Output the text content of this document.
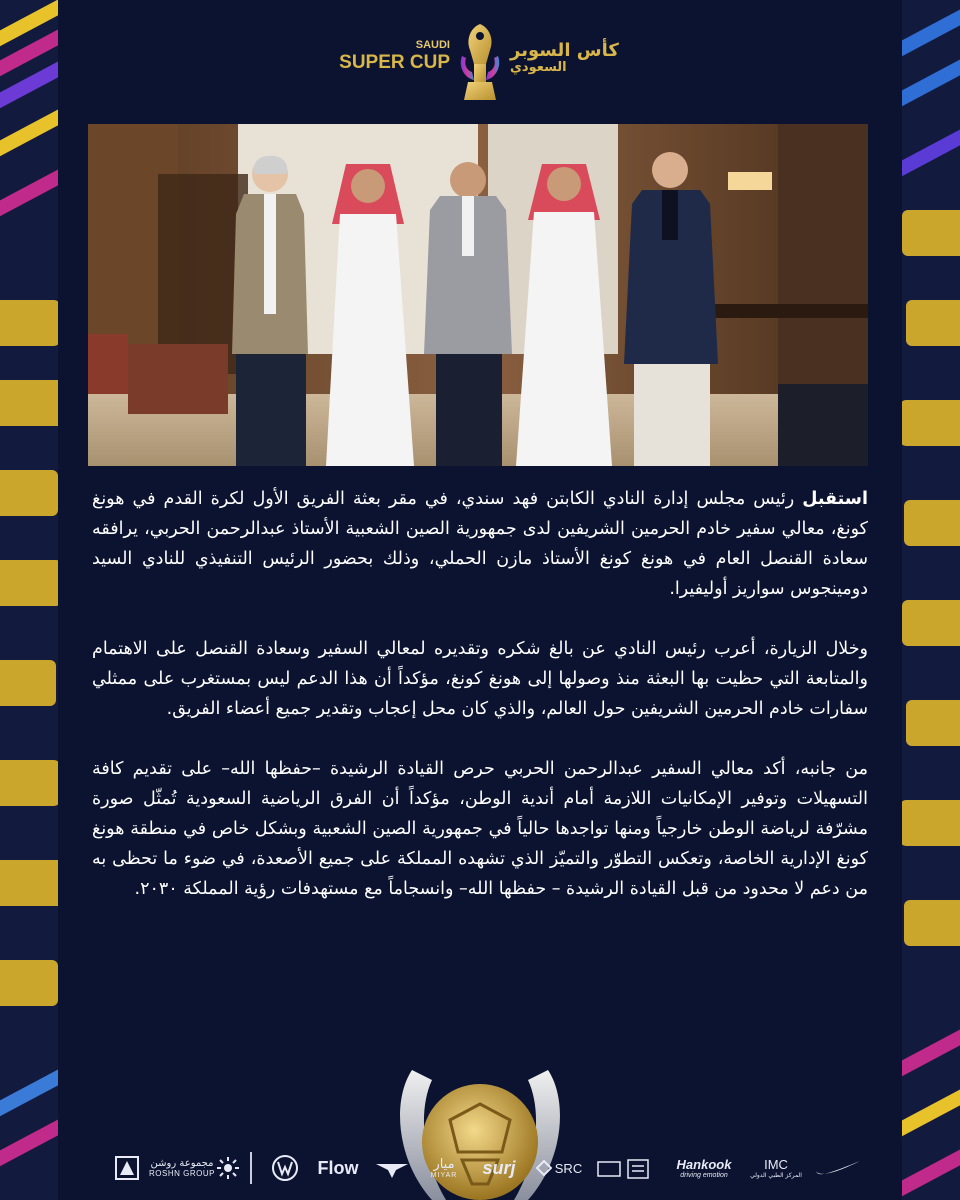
SAUDI
SUPER CUP
كأس السوبر
السعودي

استقبل رئيس مجلس إدارة النادي الكابتن فهد سندي، في مقر بعثة الفريق الأول لكرة القدم في هونغ كونغ، معالي سفير خادم الحرمين الشريفين لدى جمهورية الصين الشعبية الأستاذ عبدالرحمن الحربي، يرافقه سعادة القنصل العام في هونغ كونغ الأستاذ مازن الحملي، وذلك بحضور الرئيس التنفيذي للنادي السيد دومينجوس سواريز أوليفيرا.

وخلال الزيارة، أعرب رئيس النادي عن بالغ شكره وتقديره لمعالي السفير وسعادة القنصل على الاهتمام والمتابعة التي حظيت بها البعثة منذ وصولها إلى هونغ كونغ، مؤكداً أن هذا الدعم ليس بمستغرب على ممثلي سفارات خادم الحرمين الشريفين حول العالم، والذي كان محل إعجاب وتقدير جميع أعضاء الفريق.

من جانبه، أكد معالي السفير عبدالرحمن الحربي حرص القيادة الرشيدة –حفظها الله– على تقديم كافة التسهيلات وتوفير الإمكانيات اللازمة أمام أندية الوطن، مؤكداً أن الفرق الرياضية السعودية تُمثّل صورة مشرّفة لرياضة الوطن خارجياً ومنها تواجدها حالياً في جمهورية الصين الشعبية وبشكل خاص في منطقة هونغ كونغ الإدارية الخاصة، وتعكس التطوّر والتميّز الذي تشهده المملكة على جميع الأصعدة، في ضوء ما تحظى به من دعم لا محدود من قبل القيادة الرشيدة – حفظها الله– وانسجاماً مع مستهدفات رؤية المملكة ٢٠٣٠.

مجموعة روشن
ROSHN GROUP	Flow	ميار
MIYAR surj	SRC	Hankook
driving emotion
IMC
المركز الطبي الدولي
